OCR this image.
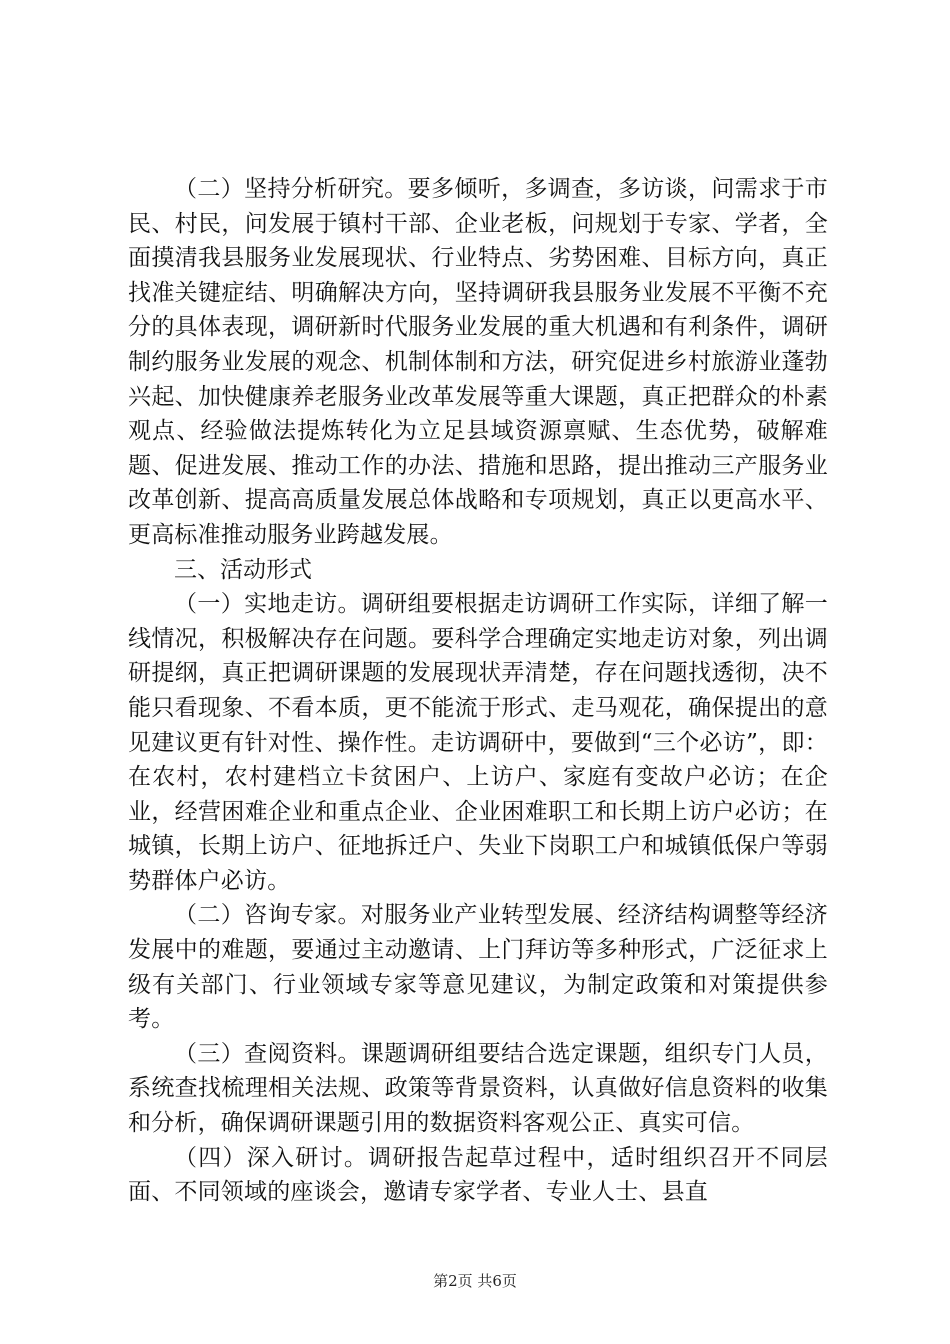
（二）坚持分析研究。要多倾听，多调查，多访谈，问需求于市民、村民，问发展于镇村干部、企业老板，问规划于专家、学者，全面摸清我县服务业发展现状、行业特点、劣势困难、目标方向，真正找准关键症结、明确解决方向，坚持调研我县服务业发展不平衡不充分的具体表现，调研新时代服务业发展的重大机遇和有利条件，调研制约服务业发展的观念、机制体制和方法，研究促进乡村旅游业蓬勃兴起、加快健康养老服务业改革发展等重大课题，真正把群众的朴素观点、经验做法提炼转化为立足县域资源禀赋、生态优势，破解难题、促进发展、推动工作的办法、措施和思路，提出推动三产服务业改革创新、提高高质量发展总体战略和专项规划，真正以更高水平、更高标准推动服务业跨越发展。

三、活动形式

（一）实地走访。调研组要根据走访调研工作实际，详细了解一线情况，积极解决存在问题。要科学合理确定实地走访对象，列出调研提纲，真正把调研课题的发展现状弄清楚，存在问题找透彻，决不能只看现象、不看本质，更不能流于形式、走马观花，确保提出的意见建议更有针对性、操作性。走访调研中，要做到“三个必访”，即：在农村，农村建档立卡贫困户、上访户、家庭有变故户必访；在企业，经营困难企业和重点企业、企业困难职工和长期上访户必访；在城镇，长期上访户、征地拆迁户、失业下岗职工户和城镇低保户等弱势群体户必访。

（二）咨询专家。对服务业产业转型发展、经济结构调整等经济发展中的难题，要通过主动邀请、上门拜访等多种形式，广泛征求上级有关部门、行业领域专家等意见建议，为制定政策和对策提供参考。

（三）查阅资料。课题调研组要结合选定课题，组织专门人员，系统查找梳理相关法规、政策等背景资料，认真做好信息资料的收集和分析，确保调研课题引用的数据资料客观公正、真实可信。

（四）深入研讨。调研报告起草过程中，适时组织召开不同层面、不同领域的座谈会，邀请专家学者、专业人士、县直

第2页 共6页
